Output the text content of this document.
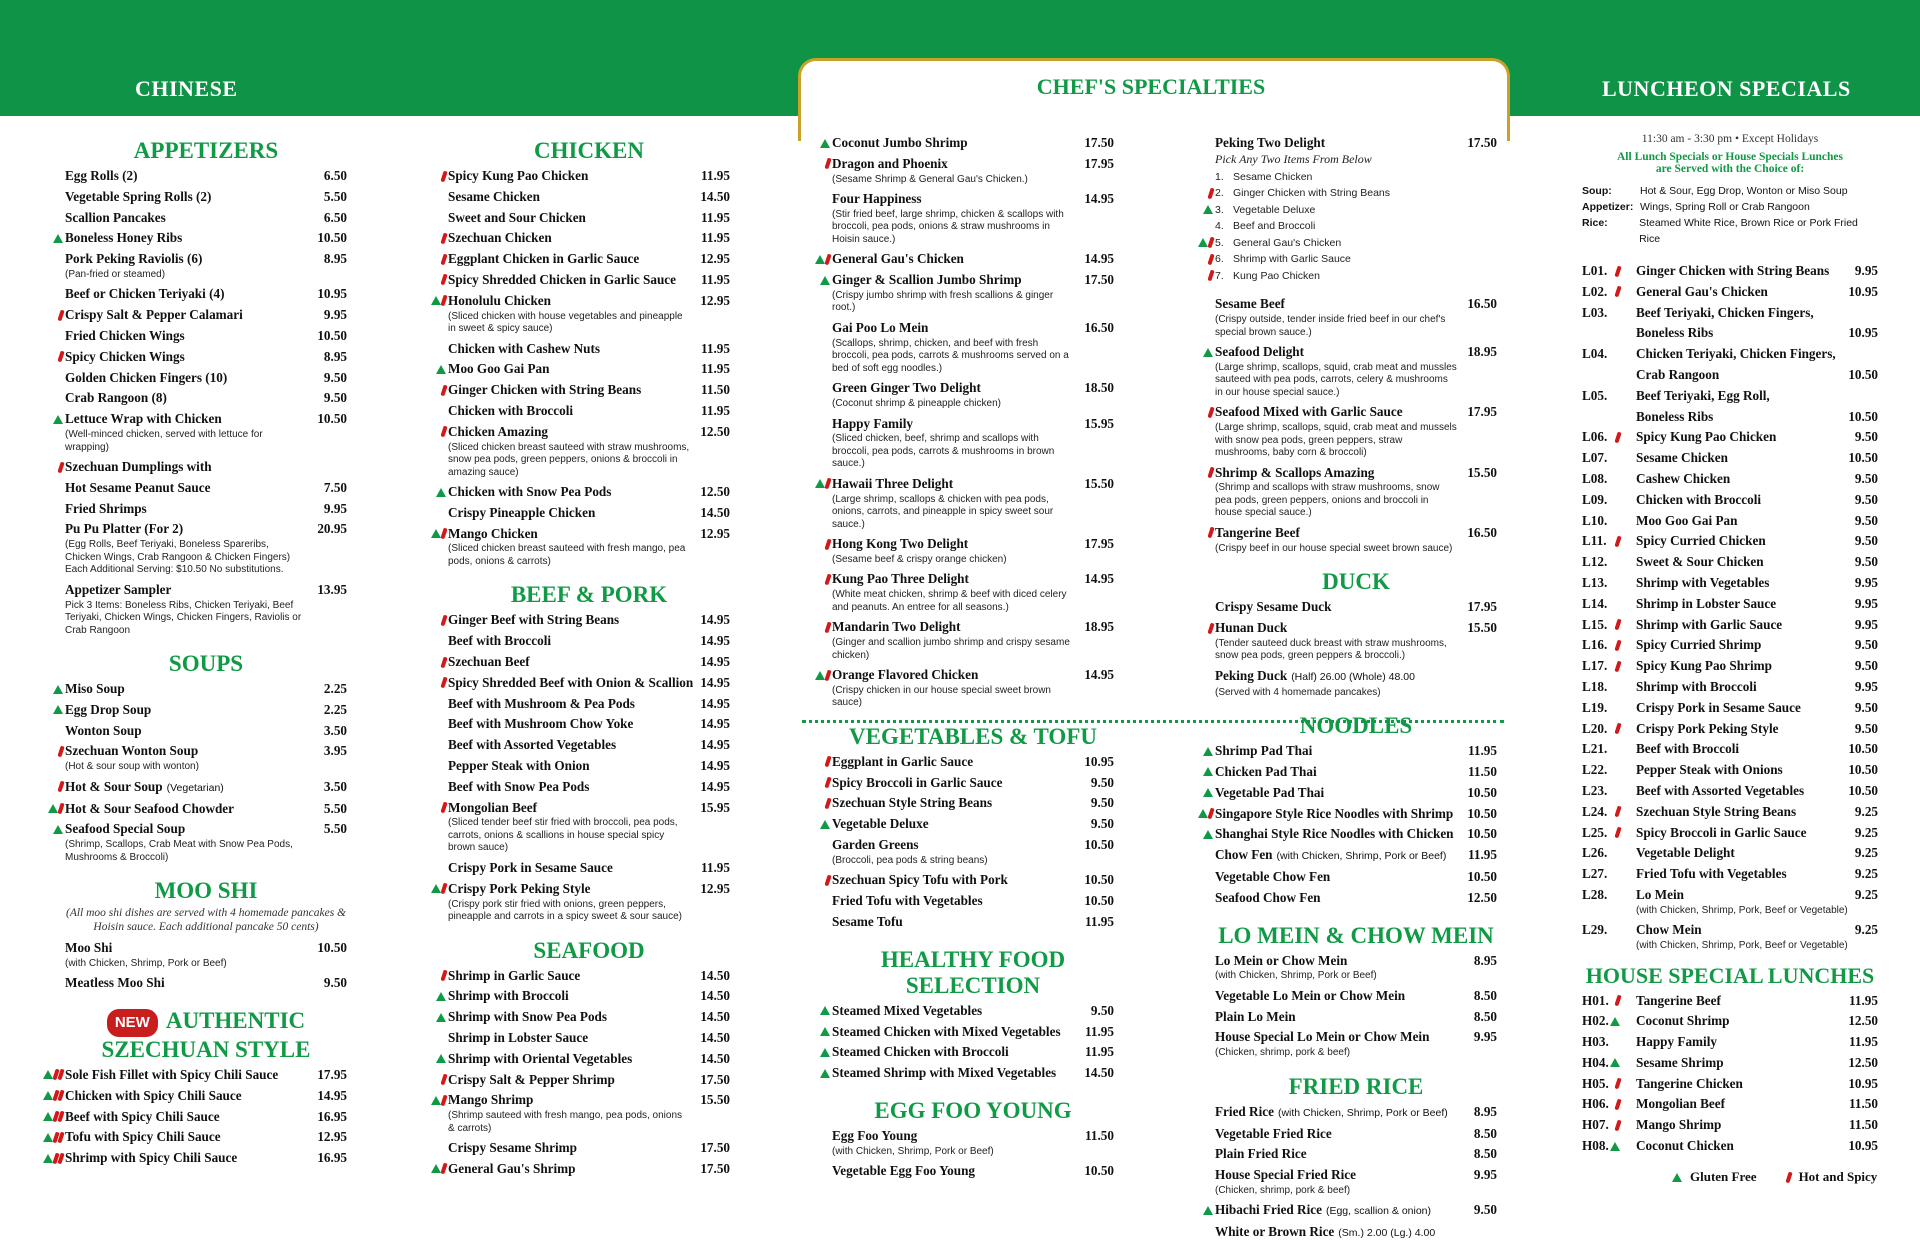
CHINESE	CHEF'S SPECIALTIES	LUNCHEON SPECIALS
APPETIZERS
Egg Rolls (2)	6.50
Vegetable Spring Rolls (2)	5.50
Scallion Pancakes	6.50
Boneless Honey Ribs	10.50
Pork Peking Raviolis (6)	8.95
(Pan-fried or steamed)
Beef or Chicken Teriyaki (4)	10.95
Crispy Salt & Pepper Calamari	9.95
Fried Chicken Wings	10.50
Spicy Chicken Wings	8.95
Golden Chicken Fingers (10)	9.50
Crab Rangoon (8)	9.50
Lettuce Wrap with Chicken	10.50
(Well-minced chicken, served with lettuce for wrapping)
Szechuan Dumplings with
Hot Sesame Peanut Sauce	7.50
Fried Shrimps	9.95
Pu Pu Platter (For 2)	20.95
(Egg Rolls, Beef Teriyaki, Boneless Spareribs, Chicken Wings, Crab Rangoon & Chicken Fingers) Each Additional Serving: $10.50 No substitutions.
Appetizer Sampler	13.95
Pick 3 Items: Boneless Ribs, Chicken Teriyaki, Beef Teriyaki, Chicken Wings, Chicken Fingers, Raviolis or Crab Rangoon
SOUPS
Miso Soup	2.25
Egg Drop Soup	2.25
Wonton Soup	3.50
Szechuan Wonton Soup	3.95
(Hot & sour soup with wonton)
Hot & Sour Soup (Vegetarian)	3.50
Hot & Sour Seafood Chowder	5.50
Seafood Special Soup	5.50
(Shrimp, Scallops, Crab Meat with Snow Pea Pods, Mushrooms & Broccoli)
MOO SHI
(All moo shi dishes are served with 4 homemade pancakes & Hoisin sauce. Each additional pancake 50 cents)
Moo Shi	10.50
(with Chicken, Shrimp, Pork or Beef)
Meatless Moo Shi	9.50
NEW AUTHENTIC SZECHUAN STYLE
Sole Fish Fillet with Spicy Chili Sauce	17.95
Chicken with Spicy Chili Sauce	14.95
Beef with Spicy Chili Sauce	16.95
Tofu with Spicy Chili Sauce	12.95
Shrimp with Spicy Chili Sauce	16.95
CHICKEN
Spicy Kung Pao Chicken	11.95
Sesame Chicken	14.50
Sweet and Sour Chicken	11.95
Szechuan Chicken	11.95
Eggplant Chicken in Garlic Sauce	12.95
Spicy Shredded Chicken in Garlic Sauce	11.95
Honolulu Chicken	12.95
(Sliced chicken with house vegetables and pineapple in sweet & spicy sauce)
Chicken with Cashew Nuts	11.95
Moo Goo Gai Pan	11.95
Ginger Chicken with String Beans	11.50
Chicken with Broccoli	11.95
Chicken Amazing	12.50
(Sliced chicken breast sauteed with straw mushrooms, snow pea pods, green peppers, onions & broccoli in amazing sauce)
Chicken with Snow Pea Pods	12.50
Crispy Pineapple Chicken	14.50
Mango Chicken	12.95
(Sliced chicken breast sauteed with fresh mango, pea pods, onions & carrots)
BEEF & PORK
Ginger Beef with String Beans	14.95
Beef with Broccoli	14.95
Szechuan Beef	14.95
Spicy Shredded Beef with Onion & Scallion 14.95
Beef with Mushroom & Pea Pods	14.95
Beef with Mushroom Chow Yoke	14.95
Beef with Assorted Vegetables	14.95
Pepper Steak with Onion	14.95
Beef with Snow Pea Pods	14.95
Mongolian Beef	15.95
(Sliced tender beef stir fried with broccoli, pea pods, carrots, onions & scallions in house special spicy brown sauce)
Crispy Pork in Sesame Sauce	11.95
Crispy Pork Peking Style	12.95
(Crispy pork stir fried with onions, green peppers, pineapple and carrots in a spicy sweet & sour sauce)
SEAFOOD
Shrimp in Garlic Sauce	14.50
Shrimp with Broccoli	14.50
Shrimp with Snow Pea Pods	14.50
Shrimp in Lobster Sauce	14.50
Shrimp with Oriental Vegetables	14.50
Crispy Salt & Pepper Shrimp	17.50
Mango Shrimp	15.50
(Shrimp sauteed with fresh mango, pea pods, onions & carrots)
Crispy Sesame Shrimp	17.50
General Gau's Shrimp	17.50
Coconut Jumbo Shrimp	17.50
Dragon and Phoenix	17.95
(Sesame Shrimp & General Gau's Chicken.)
Four Happiness	14.95
(Stir fried beef, large shrimp, chicken & scallops with broccoli, pea pods, onions & straw mushrooms in Hoisin sauce.)
General Gau's Chicken	14.95
Ginger & Scallion Jumbo Shrimp	17.50
(Crispy jumbo shrimp with fresh scallions & ginger root.)
Gai Poo Lo Mein	16.50
(Scallops, shrimp, chicken, and beef with fresh broccoli, pea pods, carrots & mushrooms served on a bed of soft egg noodles.)
Green Ginger Two Delight	18.50
(Coconut shrimp & pineapple chicken)
Happy Family	15.95
(Sliced chicken, beef, shrimp and scallops with broccoli, pea pods, carrots & mushrooms in brown sauce.)
Hawaii Three Delight	15.50
(Large shrimp, scallops & chicken with pea pods, onions, carrots, and pineapple in spicy sweet sour sauce.)
Hong Kong Two Delight	17.95
(Sesame beef & crispy orange chicken)
Kung Pao Three Delight	14.95
(White meat chicken, shrimp & beef with diced celery and peanuts. An entree for all seasons.)
Mandarin Two Delight	18.95
(Ginger and scallion jumbo shrimp and crispy sesame chicken)
Orange Flavored Chicken	14.95
(Crispy chicken in our house special sweet brown sauce)
VEGETABLES & TOFU
Eggplant in Garlic Sauce	10.95
Spicy Broccoli in Garlic Sauce	9.50
Szechuan Style String Beans	9.50
Vegetable Deluxe	9.50
Garden Greens	10.50
(Broccoli, pea pods & string beans)
Szechuan Spicy Tofu with Pork	10.50
Fried Tofu with Vegetables	10.50
Sesame Tofu	11.95
HEALTHY FOOD SELECTION
Steamed Mixed Vegetables	9.50
Steamed Chicken with Mixed Vegetables	11.95
Steamed Chicken with Broccoli	11.95
Steamed Shrimp with Mixed Vegetables	14.50
EGG FOO YOUNG
Egg Foo Young	11.50
(with Chicken, Shrimp, Pork or Beef)
Vegetable Egg Foo Young	10.50
Peking Two Delight	17.50
Pick Any Two Items From Below
1. Sesame Chicken
2. Ginger Chicken with String Beans
3. Vegetable Deluxe
4. Beef and Broccoli
5. General Gau's Chicken
6. Shrimp with Garlic Sauce
7. Kung Pao Chicken
Sesame Beef	16.50
(Crispy outside, tender inside fried beef in our chef's special brown sauce.)
Seafood Delight	18.95
(Large shrimp, scallops, squid, crab meat and mussles sauteed with pea pods, carrots, celery & mushrooms in our house special sauce.)
Seafood Mixed with Garlic Sauce	17.95
(Large shrimp, scallops, squid, crab meat and mussels with snow pea pods, green peppers, straw mushrooms, baby corn & broccoli)
Shrimp & Scallops Amazing	15.50
(Shrimp and scallops with straw mushrooms, snow pea pods, green peppers, onions and broccoli in house special sauce.)
Tangerine Beef	16.50
(Crispy beef in our house special sweet brown sauce)
DUCK
Crispy Sesame Duck	17.95
Hunan Duck	15.50
(Tender sauteed duck breast with straw mushrooms, snow pea pods, green peppers & broccoli.)
Peking Duck (Half) 26.00 (Whole) 48.00
(Served with 4 homemade pancakes)
NOODLES
Shrimp Pad Thai	11.95
Chicken Pad Thai	11.50
Vegetable Pad Thai	10.50
Singapore Style Rice Noodles with Shrimp	10.50
Shanghai Style Rice Noodles with Chicken	10.50
Chow Fen (with Chicken, Shrimp, Pork or Beef)	11.95
Vegetable Chow Fen	10.50
Seafood Chow Fen	12.50
LO MEIN & CHOW MEIN
Lo Mein or Chow Mein	8.95
(with Chicken, Shrimp, Pork or Beef)
Vegetable Lo Mein or Chow Mein	8.50
Plain Lo Mein	8.50
House Special Lo Mein or Chow Mein	9.95
(Chicken, shrimp, pork & beef)
FRIED RICE
Fried Rice (with Chicken, Shrimp, Pork or Beef)	8.95
Vegetable Fried Rice	8.50
Plain Fried Rice	8.50
House Special Fried Rice	9.95
(Chicken, shrimp, pork & beef)
Hibachi Fried Rice (Egg, scallion & onion)	9.50
White or Brown Rice (Sm.) 2.00 (Lg.) 4.00
11:30 am - 3:30 pm • Except Holidays
All Lunch Specials or House Specials Lunches
are Served with the Choice of:
Soup:	Hot & Sour, Egg Drop, Wonton or Miso Soup
Appetizer: Wings, Spring Roll or Crab Rangoon
Rice:	Steamed White Rice, Brown Rice or Pork Fried Rice
L01.	Ginger Chicken with String Beans	9.95
L02.	General Gau's Chicken	10.95
L03.	Beef Teriyaki, Chicken Fingers,
Boneless Ribs	10.95
L04.	Chicken Teriyaki, Chicken Fingers,
Crab Rangoon	10.50
L05.	Beef Teriyaki, Egg Roll,
Boneless Ribs	10.50
L06.	Spicy Kung Pao Chicken	9.50
L07.	Sesame Chicken	10.50
L08.	Cashew Chicken	9.50
L09.	Chicken with Broccoli	9.50
L10.	Moo Goo Gai Pan	9.50
L11.	Spicy Curried Chicken	9.50
L12.	Sweet & Sour Chicken	9.50
L13.	Shrimp with Vegetables	9.95
L14.	Shrimp in Lobster Sauce	9.95
L15.	Shrimp with Garlic Sauce	9.95
L16.	Spicy Curried Shrimp	9.50
L17.	Spicy Kung Pao Shrimp	9.50
L18.	Shrimp with Broccoli	9.95
L19.	Crispy Pork in Sesame Sauce	9.50
L20.	Crispy Pork Peking Style	9.50
L21.	Beef with Broccoli	10.50
L22.	Pepper Steak with Onions	10.50
L23.	Beef with Assorted Vegetables	10.50
L24.	Szechuan Style String Beans	9.25
L25.	Spicy Broccoli in Garlic Sauce	9.25
L26.	Vegetable Delight	9.25
L27.	Fried Tofu with Vegetables	9.25
L28.	Lo Mein	9.25
(with Chicken, Shrimp, Pork, Beef or Vegetable)
L29.	Chow Mein	9.25
(with Chicken, Shrimp, Pork, Beef or Vegetable)
HOUSE SPECIAL LUNCHES
H01.	Tangerine Beef	11.95
H02.	Coconut Shrimp	12.50
H03.	Happy Family	11.95
H04.	Sesame Shrimp	12.50
H05.	Tangerine Chicken	10.95
H06.	Mongolian Beef	11.50
H07.	Mango Shrimp	11.50
H08.	Coconut Chicken	10.95
Gluten Free	Hot and Spicy
